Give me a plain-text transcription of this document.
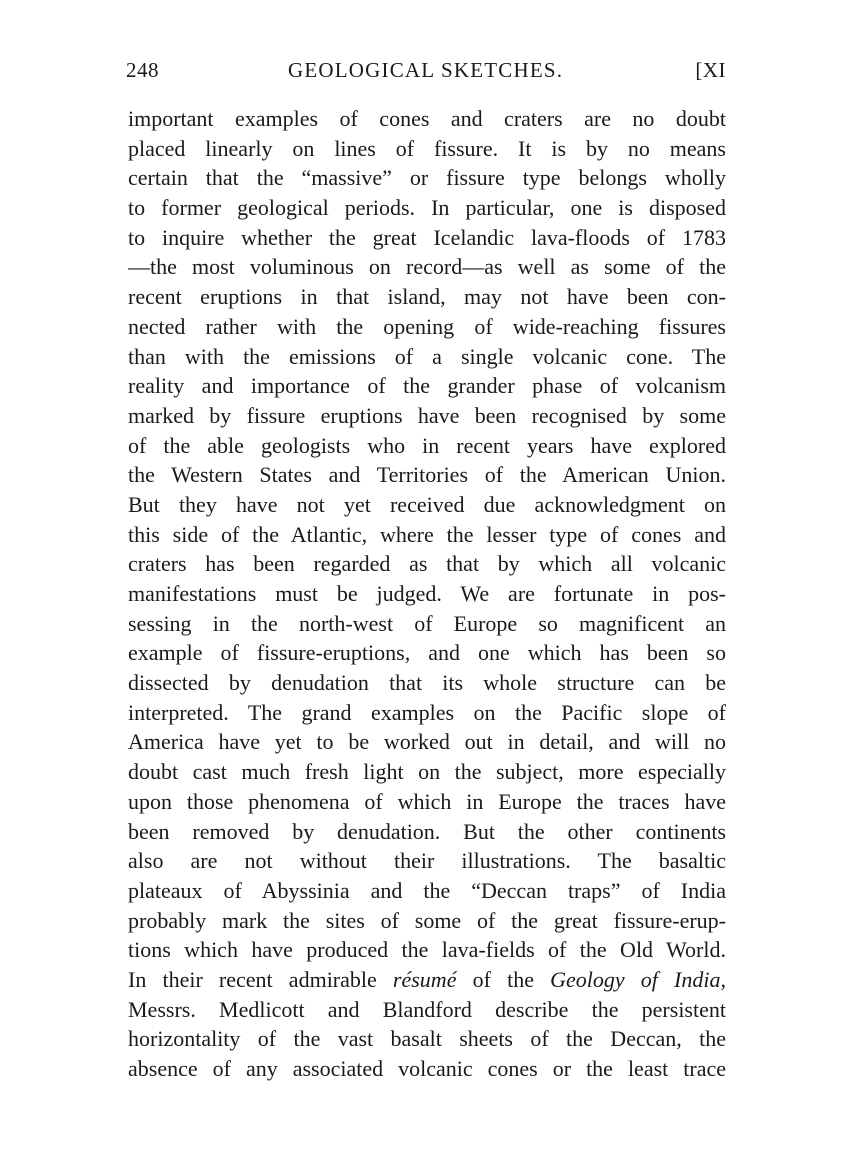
248	GEOLOGICAL SKETCHES.	[XI
important examples of cones and craters are no doubt
placed linearly on lines of fissure. It is by no means
certain that the “massive” or fissure type belongs wholly
to former geological periods. In particular, one is disposed
to inquire whether the great Icelandic lava-floods of 1783
—the most voluminous on record—as well as some of the
recent eruptions in that island, may not have been con-
nected rather with the opening of wide-reaching fissures
than with the emissions of a single volcanic cone. The
reality and importance of the grander phase of volcanism
marked by fissure eruptions have been recognised by some
of the able geologists who in recent years have explored
the Western States and Territories of the American Union.
But they have not yet received due acknowledgment on
this side of the Atlantic, where the lesser type of cones and
craters has been regarded as that by which all volcanic
manifestations must be judged. We are fortunate in pos-
sessing in the north-west of Europe so magnificent an
example of fissure-eruptions, and one which has been so
dissected by denudation that its whole structure can be
interpreted. The grand examples on the Pacific slope of
America have yet to be worked out in detail, and will no
doubt cast much fresh light on the subject, more especially
upon those phenomena of which in Europe the traces have
been removed by denudation. But the other continents
also are not without their illustrations. The basaltic
plateaux of Abyssinia and the “Deccan traps” of India
probably mark the sites of some of the great fissure-erup-
tions which have produced the lava-fields of the Old World.
In their recent admirable résumé of the Geology of India,
Messrs. Medlicott and Blandford describe the persistent
horizontality of the vast basalt sheets of the Deccan, the
absence of any associated volcanic cones or the least trace
